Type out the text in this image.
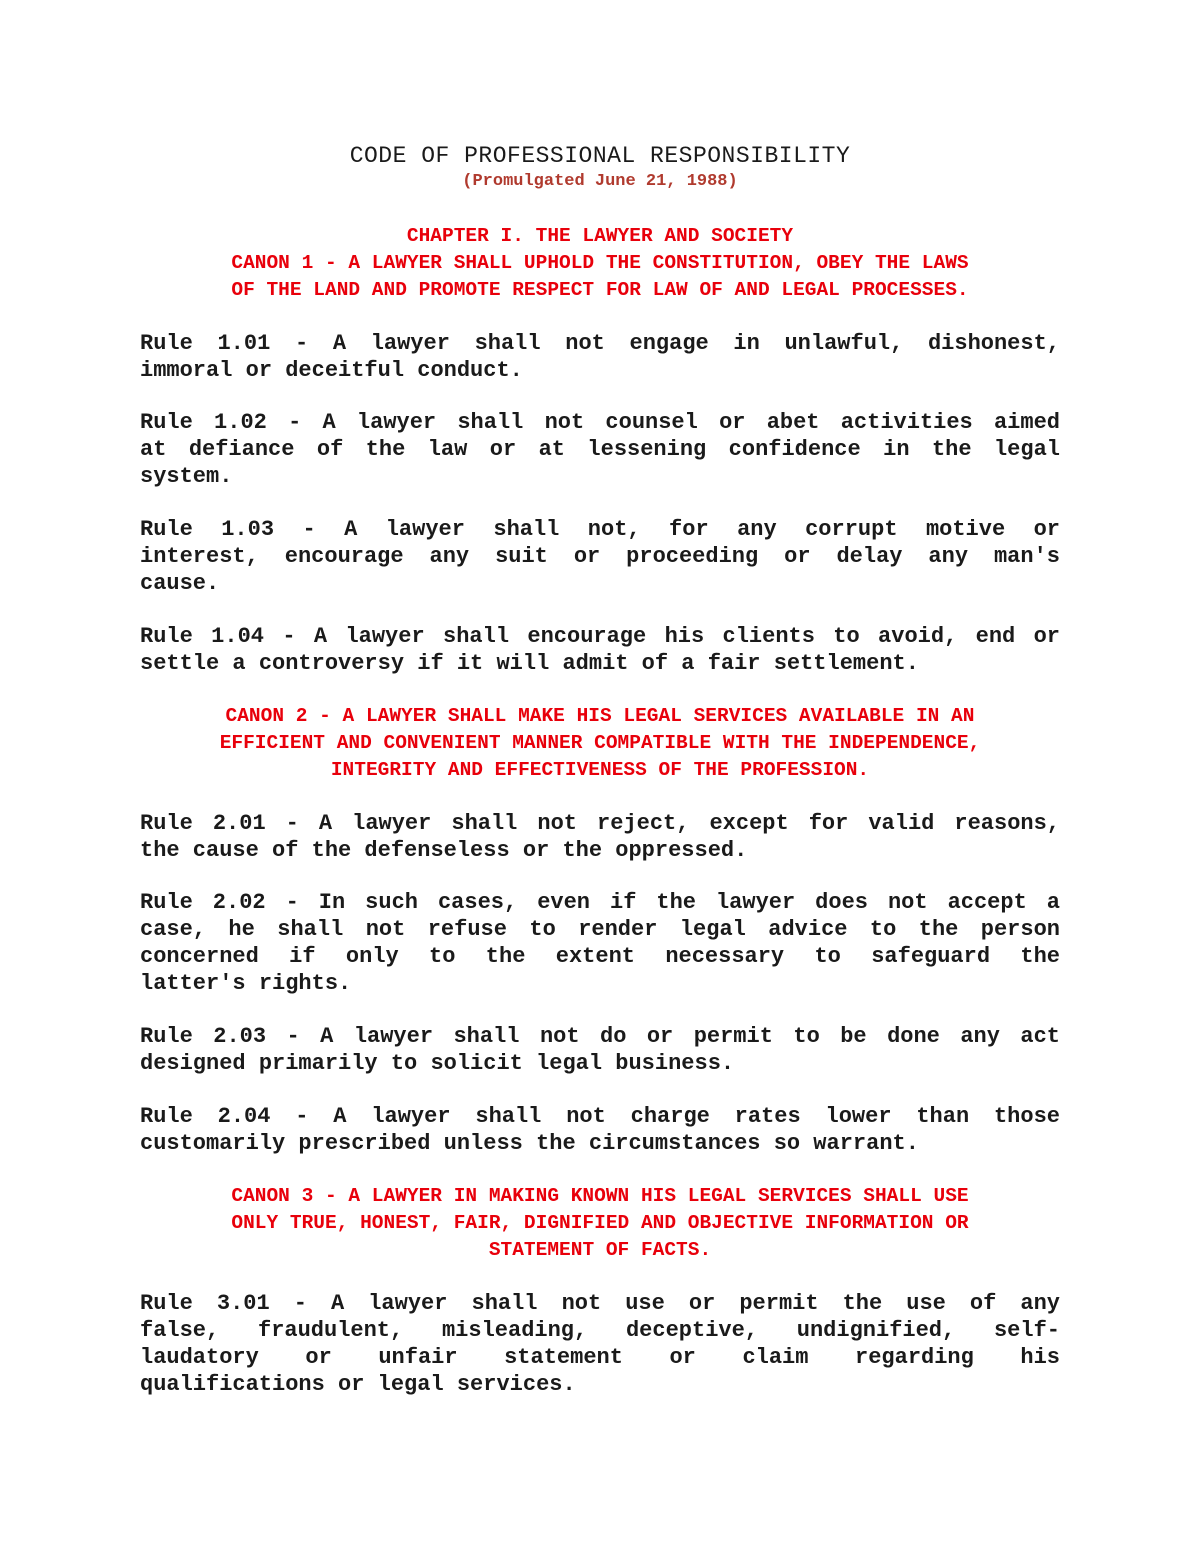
CODE OF PROFESSIONAL RESPONSIBILITY
(Promulgated June 21, 1988)
CHAPTER I. THE LAWYER AND SOCIETY
CANON 1 - A LAWYER SHALL UPHOLD THE CONSTITUTION, OBEY THE LAWS
OF THE LAND AND PROMOTE RESPECT FOR LAW OF AND LEGAL PROCESSES.
Rule 1.01 - A lawyer shall not engage in unlawful, dishonest,
immoral or deceitful conduct.
Rule 1.02 - A lawyer shall not counsel or abet activities aimed
at defiance of the law or at lessening confidence in the legal
system.
Rule 1.03 - A lawyer shall not, for any corrupt motive or
interest, encourage any suit or proceeding or delay any man's
cause.
Rule 1.04 - A lawyer shall encourage his clients to avoid, end or
settle a controversy if it will admit of a fair settlement.
CANON 2 - A LAWYER SHALL MAKE HIS LEGAL SERVICES AVAILABLE IN AN
EFFICIENT AND CONVENIENT MANNER COMPATIBLE WITH THE INDEPENDENCE,
INTEGRITY AND EFFECTIVENESS OF THE PROFESSION.
Rule 2.01 - A lawyer shall not reject, except for valid reasons,
the cause of the defenseless or the oppressed.
Rule 2.02 - In such cases, even if the lawyer does not accept a
case, he shall not refuse to render legal advice to the person
concerned if only to the extent necessary to safeguard the
latter's rights.
Rule 2.03 - A lawyer shall not do or permit to be done any act
designed primarily to solicit legal business.
Rule 2.04 - A lawyer shall not charge rates lower than those
customarily prescribed unless the circumstances so warrant.
CANON 3 - A LAWYER IN MAKING KNOWN HIS LEGAL SERVICES SHALL USE
ONLY TRUE, HONEST, FAIR, DIGNIFIED AND OBJECTIVE INFORMATION OR
STATEMENT OF FACTS.
Rule 3.01 - A lawyer shall not use or permit the use of any
false, fraudulent, misleading, deceptive, undignified, self-
laudatory or unfair statement or claim regarding his
qualifications or legal services.
